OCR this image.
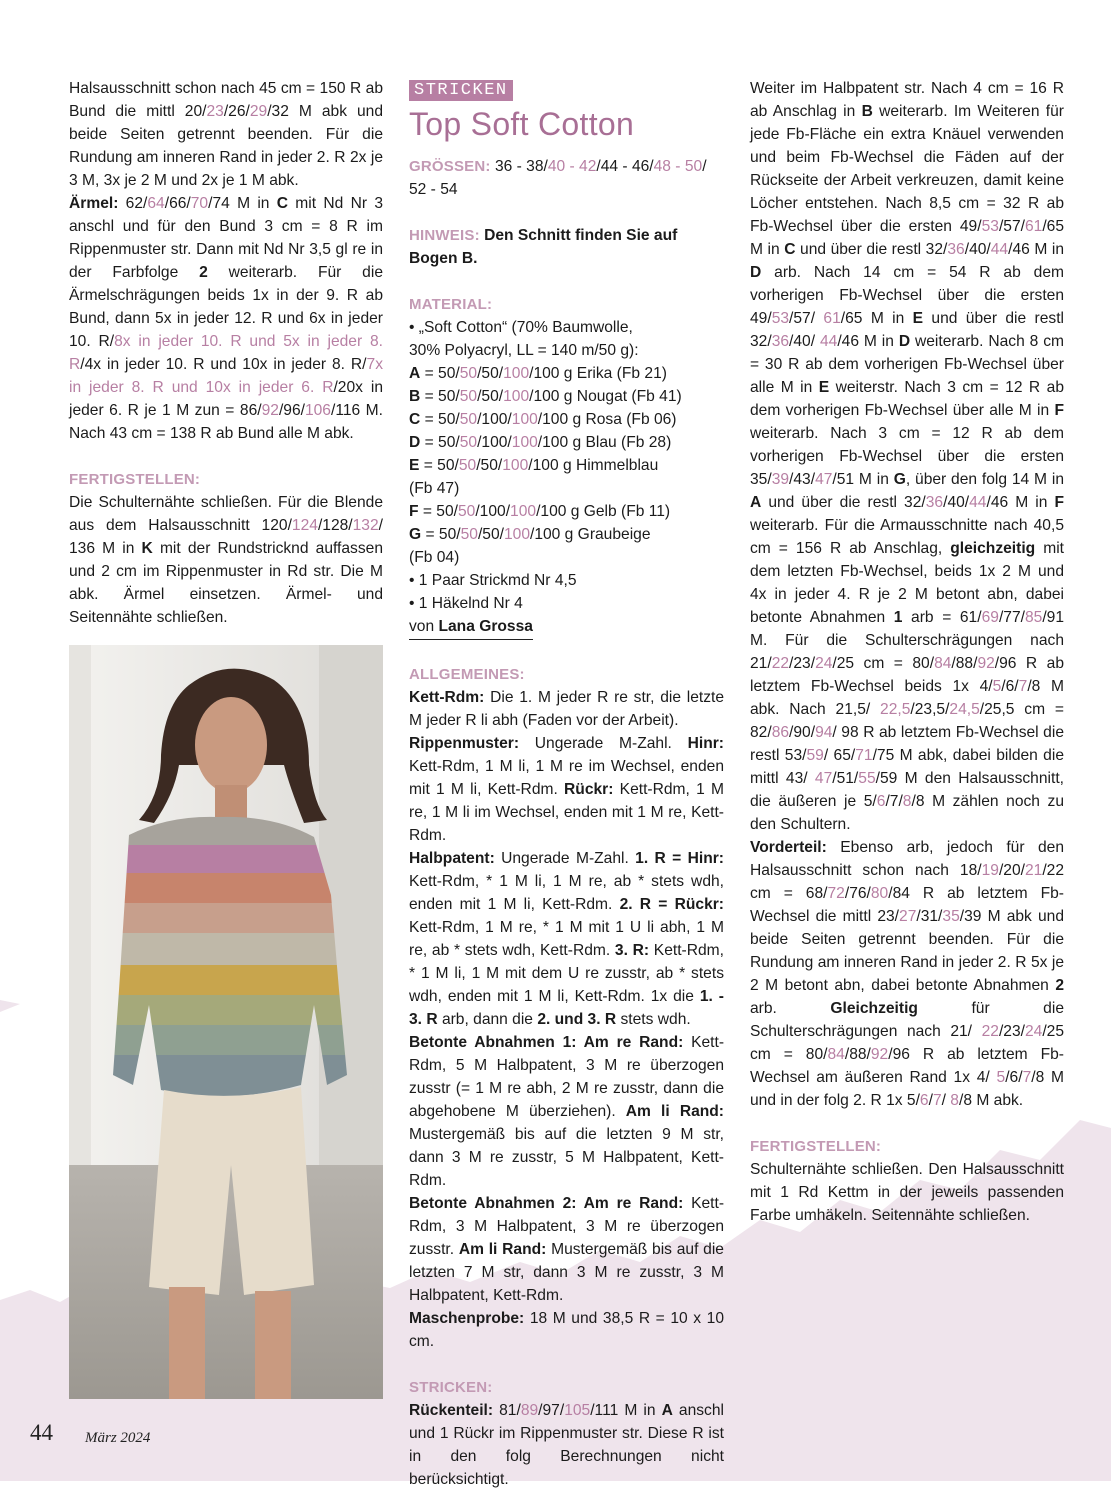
Halsausschnitt schon nach 45 cm = 150 R ab Bund die mittl 20/23/26/29/32 M abk und beide Seiten getrennt beenden. Für die Rundung am inneren Rand in jeder 2. R 2x je 3 M, 3x je 2 M und 2x je 1 M abk.

Ärmel: 62/64/66/70/74 M in C mit Nd Nr 3 anschl und für den Bund 3 cm = 8 R im Rippenmuster str. Dann mit Nd Nr 3,5 gl re in der Farbfolge 2 weiterarb. Für die Ärmelschrägungen beids 1x in der 9. R ab Bund, dann 5x in jeder 12. R und 6x in jeder 10. R/8x in jeder 10. R und 5x in jeder 8. R/4x in jeder 10. R und 10x in jeder 8. R/7x in jeder 8. R und 10x in jeder 6. R/20x in jeder 6. R je 1 M zun = 86/92/96/106/116 M. Nach 43 cm = 138 R ab Bund alle M abk.

FERTIGSTELLEN:

Die Schulternähte schließen. Für die Blende aus dem Halsausschnitt 120/124/128/132/ 136 M in K mit der Rundstricknd auffassen und 2 cm im Rippenmuster in Rd str. Die M abk. Ärmel einsetzen. Ärmel- und Seitennähte schließen.

STRICKEN
Top Soft Cotton

GRÖSSEN: 36 - 38/40 - 42/44 - 46/48 - 50/ 52 - 54

HINWEIS: Den Schnitt finden Sie auf Bogen B.

MATERIAL:

• „Soft Cotton“ (70% Baumwolle,
30% Polyacryl, LL = 140 m/50 g):
A = 50/50/50/100/100 g Erika (Fb 21)
B = 50/50/50/100/100 g Nougat (Fb 41)
C = 50/50/100/100/100 g Rosa (Fb 06)
D = 50/50/100/100/100 g Blau (Fb 28)
E = 50/50/50/100/100 g Himmelblau
(Fb 47)
F = 50/50/100/100/100 g Gelb (Fb 11)
G = 50/50/50/100/100 g Graubeige
(Fb 04)
• 1 Paar Strickmd Nr 4,5
• 1 Häkelnd Nr 4
von Lana Grossa

ALLGEMEINES:

Kett-Rdm: Die 1. M jeder R re str, die letzte M jeder R li abh (Faden vor der Arbeit).

Rippenmuster: Ungerade M-Zahl. Hinr: Kett-Rdm, 1 M li, 1 M re im Wechsel, enden mit 1 M li, Kett-Rdm. Rückr: Kett-Rdm, 1 M re, 1 M li im Wechsel, enden mit 1 M re, Kett-Rdm.

Halbpatent: Ungerade M-Zahl. 1. R = Hinr: Kett-Rdm, * 1 M li, 1 M re, ab * stets wdh, enden mit 1 M li, Kett-Rdm. 2. R = Rückr: Kett-Rdm, 1 M re, * 1 M mit 1 U li abh, 1 M re, ab * stets wdh, Kett-Rdm. 3. R: Kett-Rdm, * 1 M li, 1 M mit dem U re zusstr, ab * stets wdh, enden mit 1 M li, Kett-Rdm. 1x die 1. - 3. R arb, dann die 2. und 3. R stets wdh.

Betonte Abnahmen 1: Am re Rand: Kett-Rdm, 5 M Halbpatent, 3 M re überzogen zusstr (= 1 M re abh, 2 M re zusstr, dann die abgehobene M überziehen). Am li Rand: Mustergemäß bis auf die letzten 9 M str, dann 3 M re zusstr, 5 M Halbpatent, Kett-Rdm.

Betonte Abnahmen 2: Am re Rand: Kett-Rdm, 3 M Halbpatent, 3 M re überzogen zusstr. Am li Rand: Mustergemäß bis auf die letzten 7 M str, dann 3 M re zusstr, 3 M Halbpatent, Kett-Rdm.

Maschenprobe: 18 M und 38,5 R = 10 x 10 cm.

STRICKEN:

Rückenteil: 81/89/97/105/111 M in A anschl und 1 Rückr im Rippenmuster str. Diese R ist in den folg Berechnungen nicht berücksichtigt.

Weiter im Halbpatent str. Nach 4 cm = 16 R ab Anschlag in B weiterarb. Im Weiteren für jede Fb-Fläche ein extra Knäuel verwenden und beim Fb-Wechsel die Fäden auf der Rückseite der Arbeit verkreuzen, damit keine Löcher entstehen. Nach 8,5 cm = 32 R ab Fb-Wechsel über die ersten 49/53/57/61/65 M in C und über die restl 32/36/40/44/46 M in D arb. Nach 14 cm = 54 R ab dem vorherigen Fb-Wechsel über die ersten 49/53/57/ 61/65 M in E und über die restl 32/36/40/ 44/46 M in D weiterarb. Nach 8 cm = 30 R ab dem vorherigen Fb-Wechsel über alle M in E weiterstr. Nach 3 cm = 12 R ab dem vorherigen Fb-Wechsel über alle M in F weiterarb. Nach 3 cm = 12 R ab dem vorherigen Fb-Wechsel über die ersten 35/39/43/47/51 M in G, über den folg 14 M in A und über die restl 32/36/40/44/46 M in F weiterarb. Für die Armausschnitte nach 40,5 cm = 156 R ab Anschlag, gleichzeitig mit dem letzten Fb-Wechsel, beids 1x 2 M und 4x in jeder 4. R je 2 M betont abn, dabei betonte Abnahmen 1 arb = 61/69/77/85/91 M. Für die Schulterschrägungen nach 21/22/23/24/25 cm = 80/84/88/92/96 R ab letztem Fb-Wechsel beids 1x 4/5/6/7/8 M abk. Nach 21,5/ 22,5/23,5/24,5/25,5 cm = 82/86/90/94/ 98 R ab letztem Fb-Wechsel die restl 53/59/ 65/71/75 M abk, dabei bilden die mittl 43/ 47/51/55/59 M den Halsausschnitt, die äußeren je 5/6/7/8/8 M zählen noch zu den Schultern.

Vorderteil: Ebenso arb, jedoch für den Halsausschnitt schon nach 18/19/20/21/22 cm = 68/72/76/80/84 R ab letztem Fb-Wechsel die mittl 23/27/31/35/39 M abk und beide Seiten getrennt beenden. Für die Rundung am inneren Rand in jeder 2. R 5x je 2 M betont abn, dabei betonte Abnahmen 2 arb. Gleichzeitig für die Schulterschrägungen nach 21/ 22/23/24/25 cm = 80/84/88/92/96 R ab letztem Fb-Wechsel am äußeren Rand 1x 4/ 5/6/7/8 M und in der folg 2. R 1x 5/6/7/ 8/8 M abk.

FERTIGSTELLEN:

Schulternähte schließen. Den Halsausschnitt mit 1 Rd Kettm in der jeweils passenden Farbe umhäkeln. Seitennähte schließen.

44 März 2024
